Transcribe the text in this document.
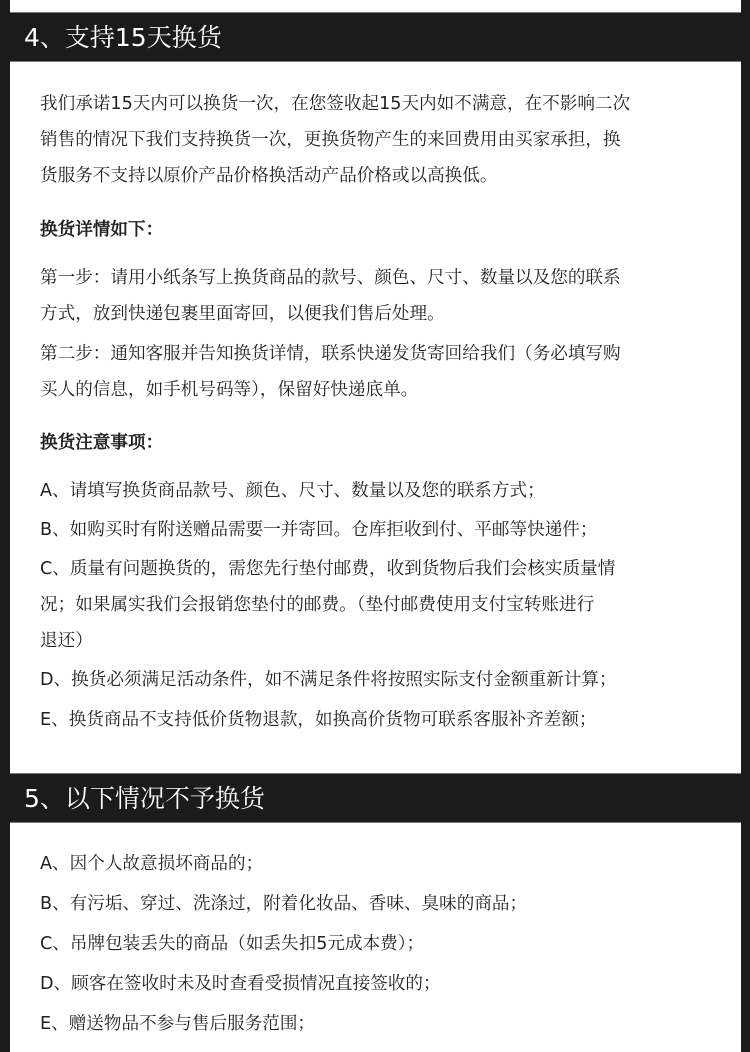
4、支持15天换货
我们承诺15天内可以换货一次，在您签收起15天内如不满意，在不影响二次
销售的情况下我们支持换货一次，更换货物产生的来回费用由买家承担，换
货服务不支持以原价产品价格换活动产品价格或以高换低。
换货详情如下：
第一步：请用小纸条写上换货商品的款号、颜色、尺寸、数量以及您的联系
方式，放到快递包裹里面寄回，以便我们售后处理。
第二步：通知客服并告知换货详情，联系快递发货寄回给我们（务必填写购
买人的信息，如手机号码等），保留好快递底单。
换货注意事项：
A、请填写换货商品款号、颜色、尺寸、数量以及您的联系方式；
B、如购买时有附送赠品需要一并寄回。仓库拒收到付、平邮等快递件；
C、质量有问题换货的，需您先行垫付邮费，收到货物后我们会核实质量情
况；如果属实我们会报销您垫付的邮费。（垫付邮费使用支付宝转账进行
退还）
D、换货必须满足活动条件，如不满足条件将按照实际支付金额重新计算；
E、换货商品不支持低价货物退款，如换高价货物可联系客服补齐差额；
5、以下情况不予换货
A、因个人故意损坏商品的；
B、有污垢、穿过、洗涤过，附着化妆品、香味、臭味的商品；
C、吊牌包装丢失的商品（如丢失扣5元成本费）；
D、顾客在签收时未及时查看受损情况直接签收的；
E、赠送物品不参与售后服务范围；
